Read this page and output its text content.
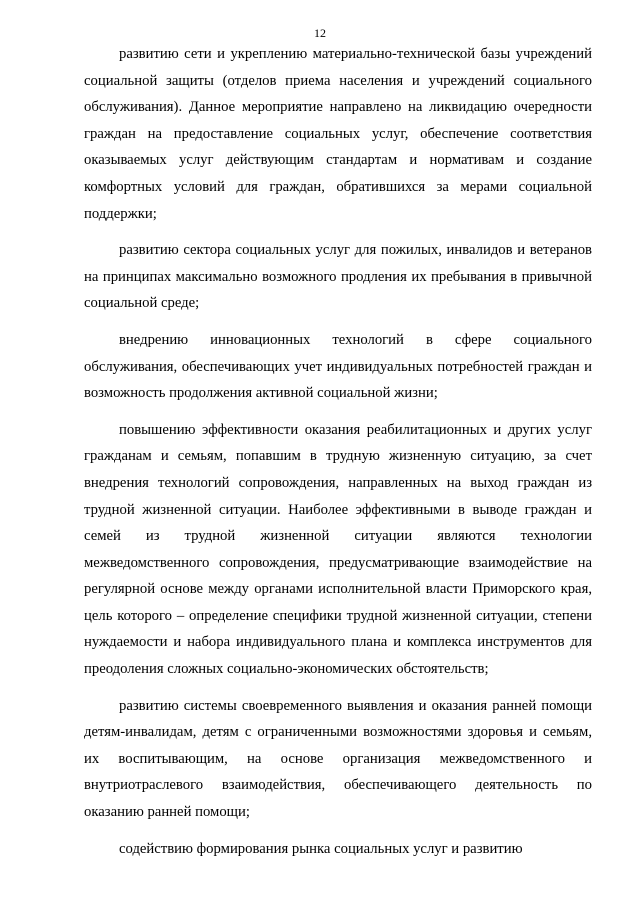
12

развитию сети и укреплению материально-технической базы учреждений социальной защиты (отделов приема населения и учреждений социального обслуживания). Данное мероприятие направлено на ликвидацию очередности граждан на предоставление социальных услуг, обеспечение соответствия оказываемых услуг действующим стандартам и нормативам и создание комфортных условий для граждан, обратившихся за мерами социальной поддержки;

развитию сектора социальных услуг для пожилых, инвалидов и ветеранов на принципах максимально возможного продления их пребывания в привычной социальной среде;

внедрению инновационных технологий в сфере социального обслуживания, обеспечивающих учет индивидуальных потребностей граждан и возможность продолжения активной социальной жизни;

повышению эффективности оказания реабилитационных и других услуг гражданам и семьям, попавшим в трудную жизненную ситуацию, за счет внедрения технологий сопровождения, направленных на выход граждан из трудной жизненной ситуации. Наиболее эффективными в выводе граждан и семей из трудной жизненной ситуации являются технологии межведомственного сопровождения, предусматривающие взаимодействие на регулярной основе между органами исполнительной власти Приморского края, цель которого – определение специфики трудной жизненной ситуации, степени нуждаемости и набора индивидуального плана и комплекса инструментов для преодоления сложных социально-экономических обстоятельств;

развитию системы своевременного выявления и оказания ранней помощи детям-инвалидам, детям с ограниченными возможностями здоровья и семьям, их воспитывающим, на основе организация межведомственного и внутриотраслевого взаимодействия, обеспечивающего деятельность по оказанию ранней помощи;

содействию формирования рынка социальных услуг и развитию
